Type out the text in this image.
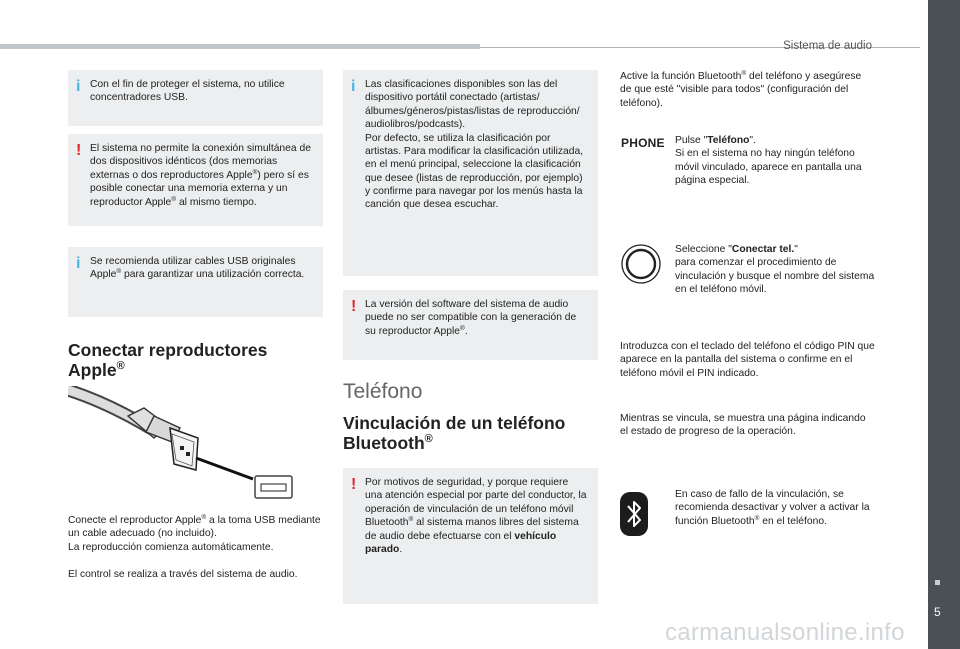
Sistema de audio
5
carmanualsonline.info
i Con el fin de proteger el sistema, no utilice concentradores USB.

! El sistema no permite la conexión simultánea de dos dispositivos idénticos (dos memorias externas o dos reproductores Apple®) pero sí es posible conectar una memoria externa y un reproductor Apple® al mismo tiempo.

i Se recomienda utilizar cables USB originales Apple® para garantizar una utilización correcta.

Conectar reproductores Apple®

Conecte el reproductor Apple® a la toma USB mediante un cable adecuado (no incluido).
La reproducción comienza automáticamente.

El control se realiza a través del sistema de audio.

i Las clasificaciones disponibles son las del dispositivo portátil conectado (artistas/ álbumes/géneros/pistas/listas de reproducción/ audiolibros/podcasts).
Por defecto, se utiliza la clasificación por artistas. Para modificar la clasificación utilizada, en el menú principal, seleccione la clasificación que desee (listas de reproducción, por ejemplo) y confirme para navegar por los menús hasta la canción que desea escuchar.

! La versión del software del sistema de audio puede no ser compatible con la generación de su reproductor Apple®.

Teléfono
Vinculación de un teléfono Bluetooth®
! Por motivos de seguridad, y porque requiere una atención especial por parte del conductor, la operación de vinculación de un teléfono móvil Bluetooth® al sistema manos libres del sistema de audio debe efectuarse con el vehículo parado.

Active la función Bluetooth® del teléfono y asegúrese de que esté "visible para todos" (configuración del teléfono).

PHONE Pulse "Teléfono".
Si en el sistema no hay ningún teléfono móvil vinculado, aparece en pantalla una página especial.

Seleccione "Conectar tel."
para comenzar el procedimiento de vinculación y busque el nombre del sistema en el teléfono móvil.

Introduzca con el teclado del teléfono el código PIN que aparece en la pantalla del sistema o confirme en el teléfono móvil el PIN indicado.

Mientras se vincula, se muestra una página indicando el estado de progreso de la operación.

En caso de fallo de la vinculación, se recomienda desactivar y volver a activar la función Bluetooth® en el teléfono.
